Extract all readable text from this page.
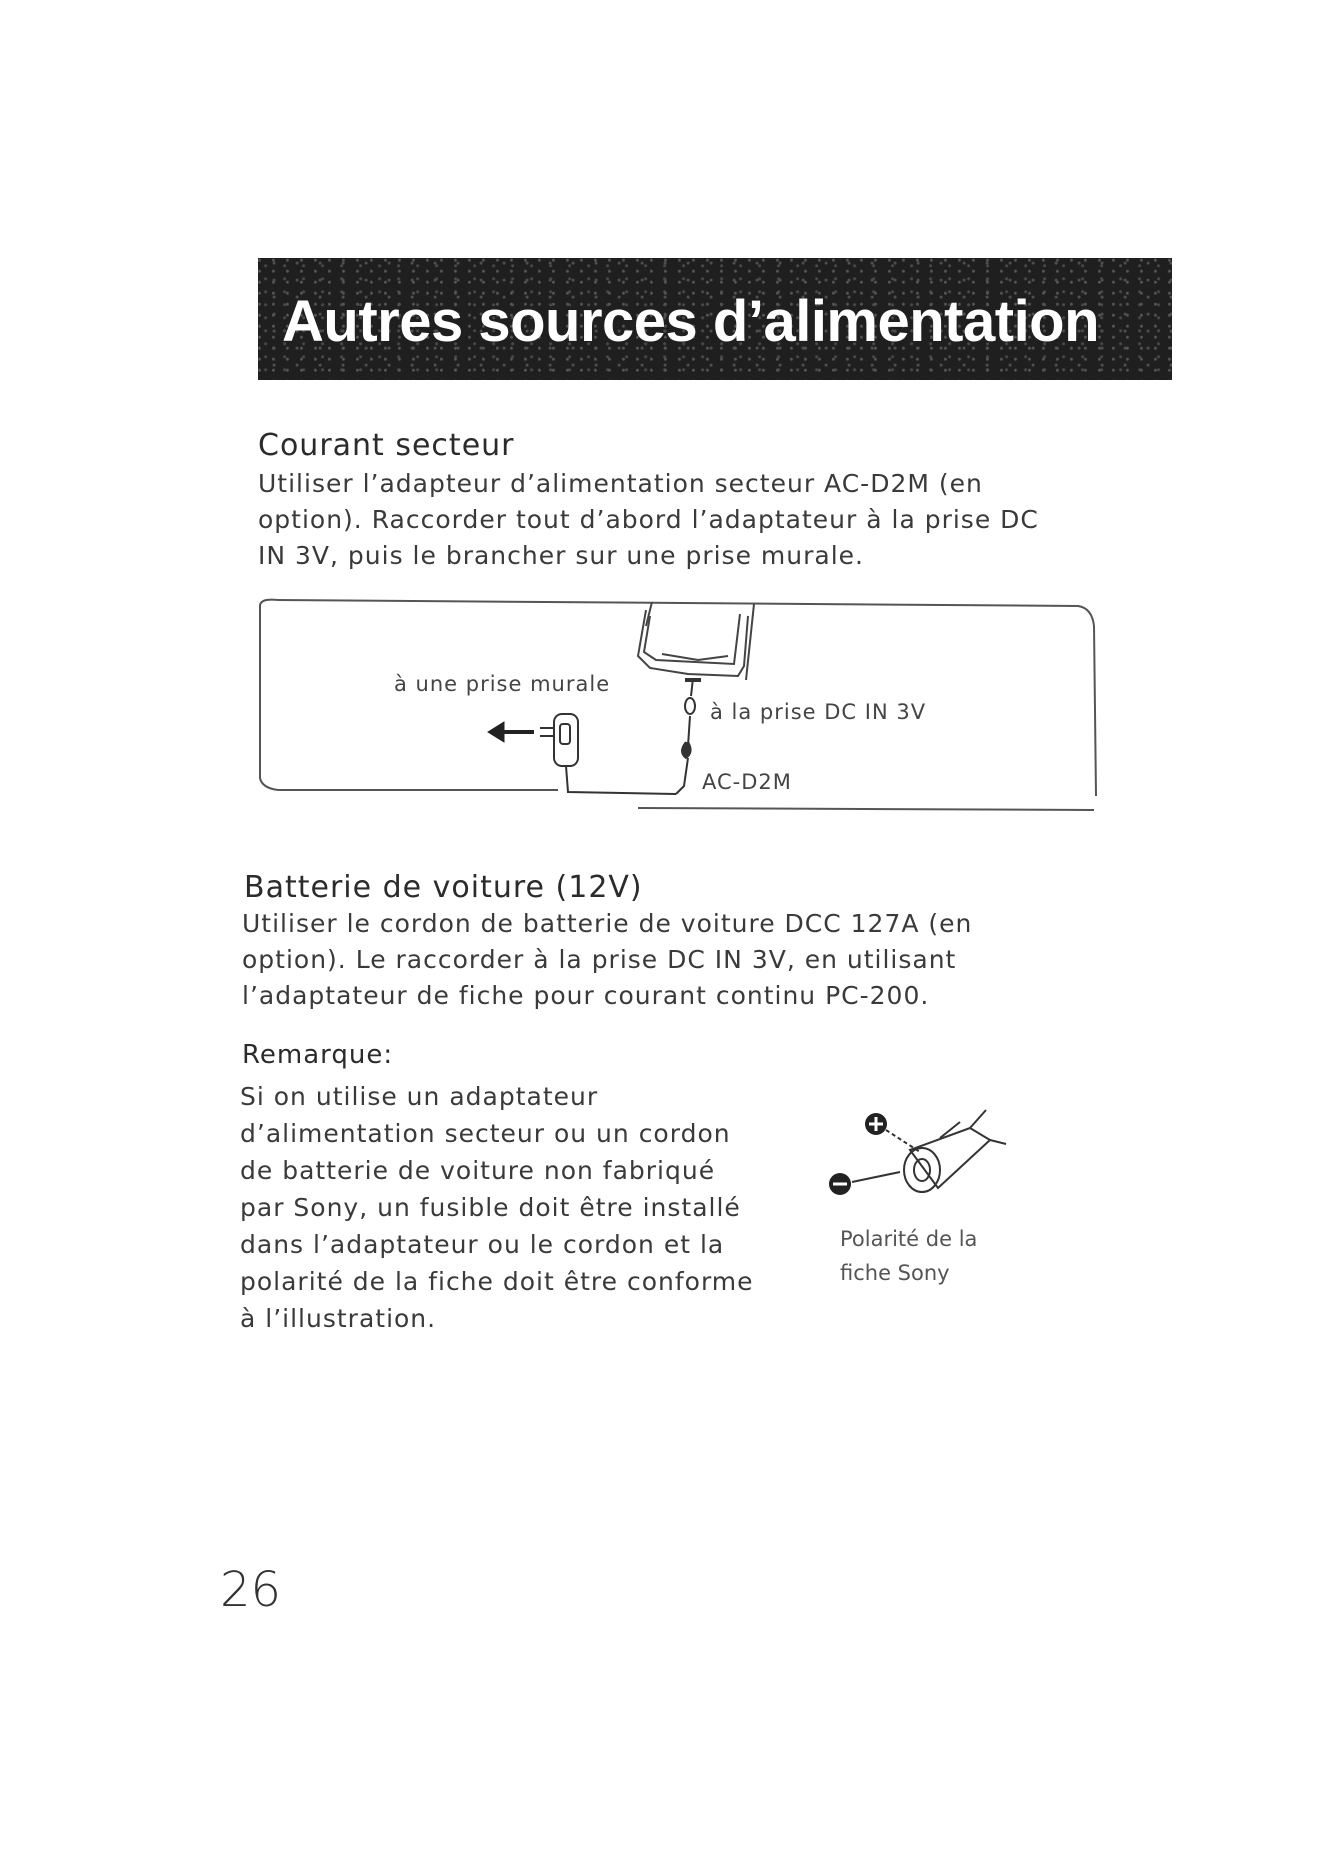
Autres sources d’alimentation
Courant secteur
Utiliser l’adapteur d’alimentation secteur AC-D2M (en
option). Raccorder tout d’abord l’adaptateur à la prise DC
IN 3V, puis le brancher sur une prise murale.
à une prise murale
à la prise DC IN 3V
AC-D2M
Batterie de voiture (12V)
Utiliser le cordon de batterie de voiture DCC 127A (en
option). Le raccorder à la prise DC IN 3V, en utilisant
l’adaptateur de fiche pour courant continu PC-200.
Remarque:
Si on utilise un adaptateur
d’alimentation secteur ou un cordon
de batterie de voiture non fabriqué
par Sony, un fusible doit être installé
dans l’adaptateur ou le cordon et la
polarité de la fiche doit être conforme
à l’illustration.
Polarité de la
fiche Sony
26
